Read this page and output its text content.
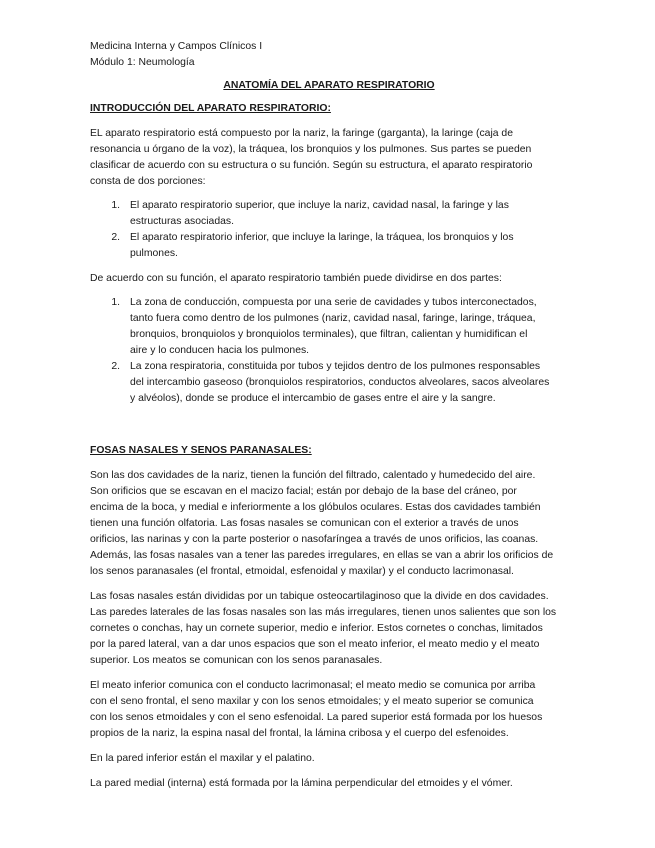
Medicina Interna y Campos Clínicos I
Módulo 1: Neumología
ANATOMÍA DEL APARATO RESPIRATORIO
INTRODUCCIÓN DEL APARATO RESPIRATORIO:
EL aparato respiratorio está compuesto por la nariz, la faringe (garganta), la laringe (caja de
resonancia u órgano de la voz), la tráquea, los bronquios y los pulmones. Sus partes se pueden
clasificar de acuerdo con su estructura o su función. Según su estructura, el aparato respiratorio
consta de dos porciones:
1. El aparato respiratorio superior, que incluye la nariz, cavidad nasal, la faringe y las
estructuras asociadas.
2. El aparato respiratorio inferior, que incluye la laringe, la tráquea, los bronquios y los
pulmones.
De acuerdo con su función, el aparato respiratorio también puede dividirse en dos partes:
1. La zona de conducción, compuesta por una serie de cavidades y tubos interconectados,
tanto fuera como dentro de los pulmones (nariz, cavidad nasal, faringe, laringe, tráquea,
bronquios, bronquiolos y bronquiolos terminales), que filtran, calientan y humidifican el
aire y lo conducen hacia los pulmones.
2. La zona respiratoria, constituida por tubos y tejidos dentro de los pulmones responsables
del intercambio gaseoso (bronquiolos respiratorios, conductos alveolares, sacos alveolares
y alvéolos), donde se produce el intercambio de gases entre el aire y la sangre.
FOSAS NASALES Y SENOS PARANASALES:
Son las dos cavidades de la nariz, tienen la función del filtrado, calentado y humedecido del aire.
Son orificios que se escavan en el macizo facial; están por debajo de la base del cráneo, por
encima de la boca, y medial e inferiormente a los glóbulos oculares. Estas dos cavidades también
tienen una función olfatoria. Las fosas nasales se comunican con el exterior a través de unos
orificios, las narinas y con la parte posterior o nasofaríngea a través de unos orificios, las coanas.
Además, las fosas nasales van a tener las paredes irregulares, en ellas se van a abrir los orificios de
los senos paranasales (el frontal, etmoidal, esfenoidal y maxilar) y el conducto lacrimonasal.
Las fosas nasales están divididas por un tabique osteocartilaginoso que la divide en dos cavidades.
Las paredes laterales de las fosas nasales son las más irregulares, tienen unos salientes que son los
cornetes o conchas, hay un cornete superior, medio e inferior. Estos cornetes o conchas, limitados
por la pared lateral, van a dar unos espacios que son el meato inferior, el meato medio y el meato
superior. Los meatos se comunican con los senos paranasales.
El meato inferior comunica con el conducto lacrimonasal; el meato medio se comunica por arriba
con el seno frontal, el seno maxilar y con los senos etmoidales; y el meato superior se comunica
con los senos etmoidales y con el seno esfenoidal. La pared superior está formada por los huesos
propios de la nariz, la espina nasal del frontal, la lámina cribosa y el cuerpo del esfenoides.
En la pared inferior están el maxilar y el palatino.
La pared medial (interna) está formada por la lámina perpendicular del etmoides y el vómer.
